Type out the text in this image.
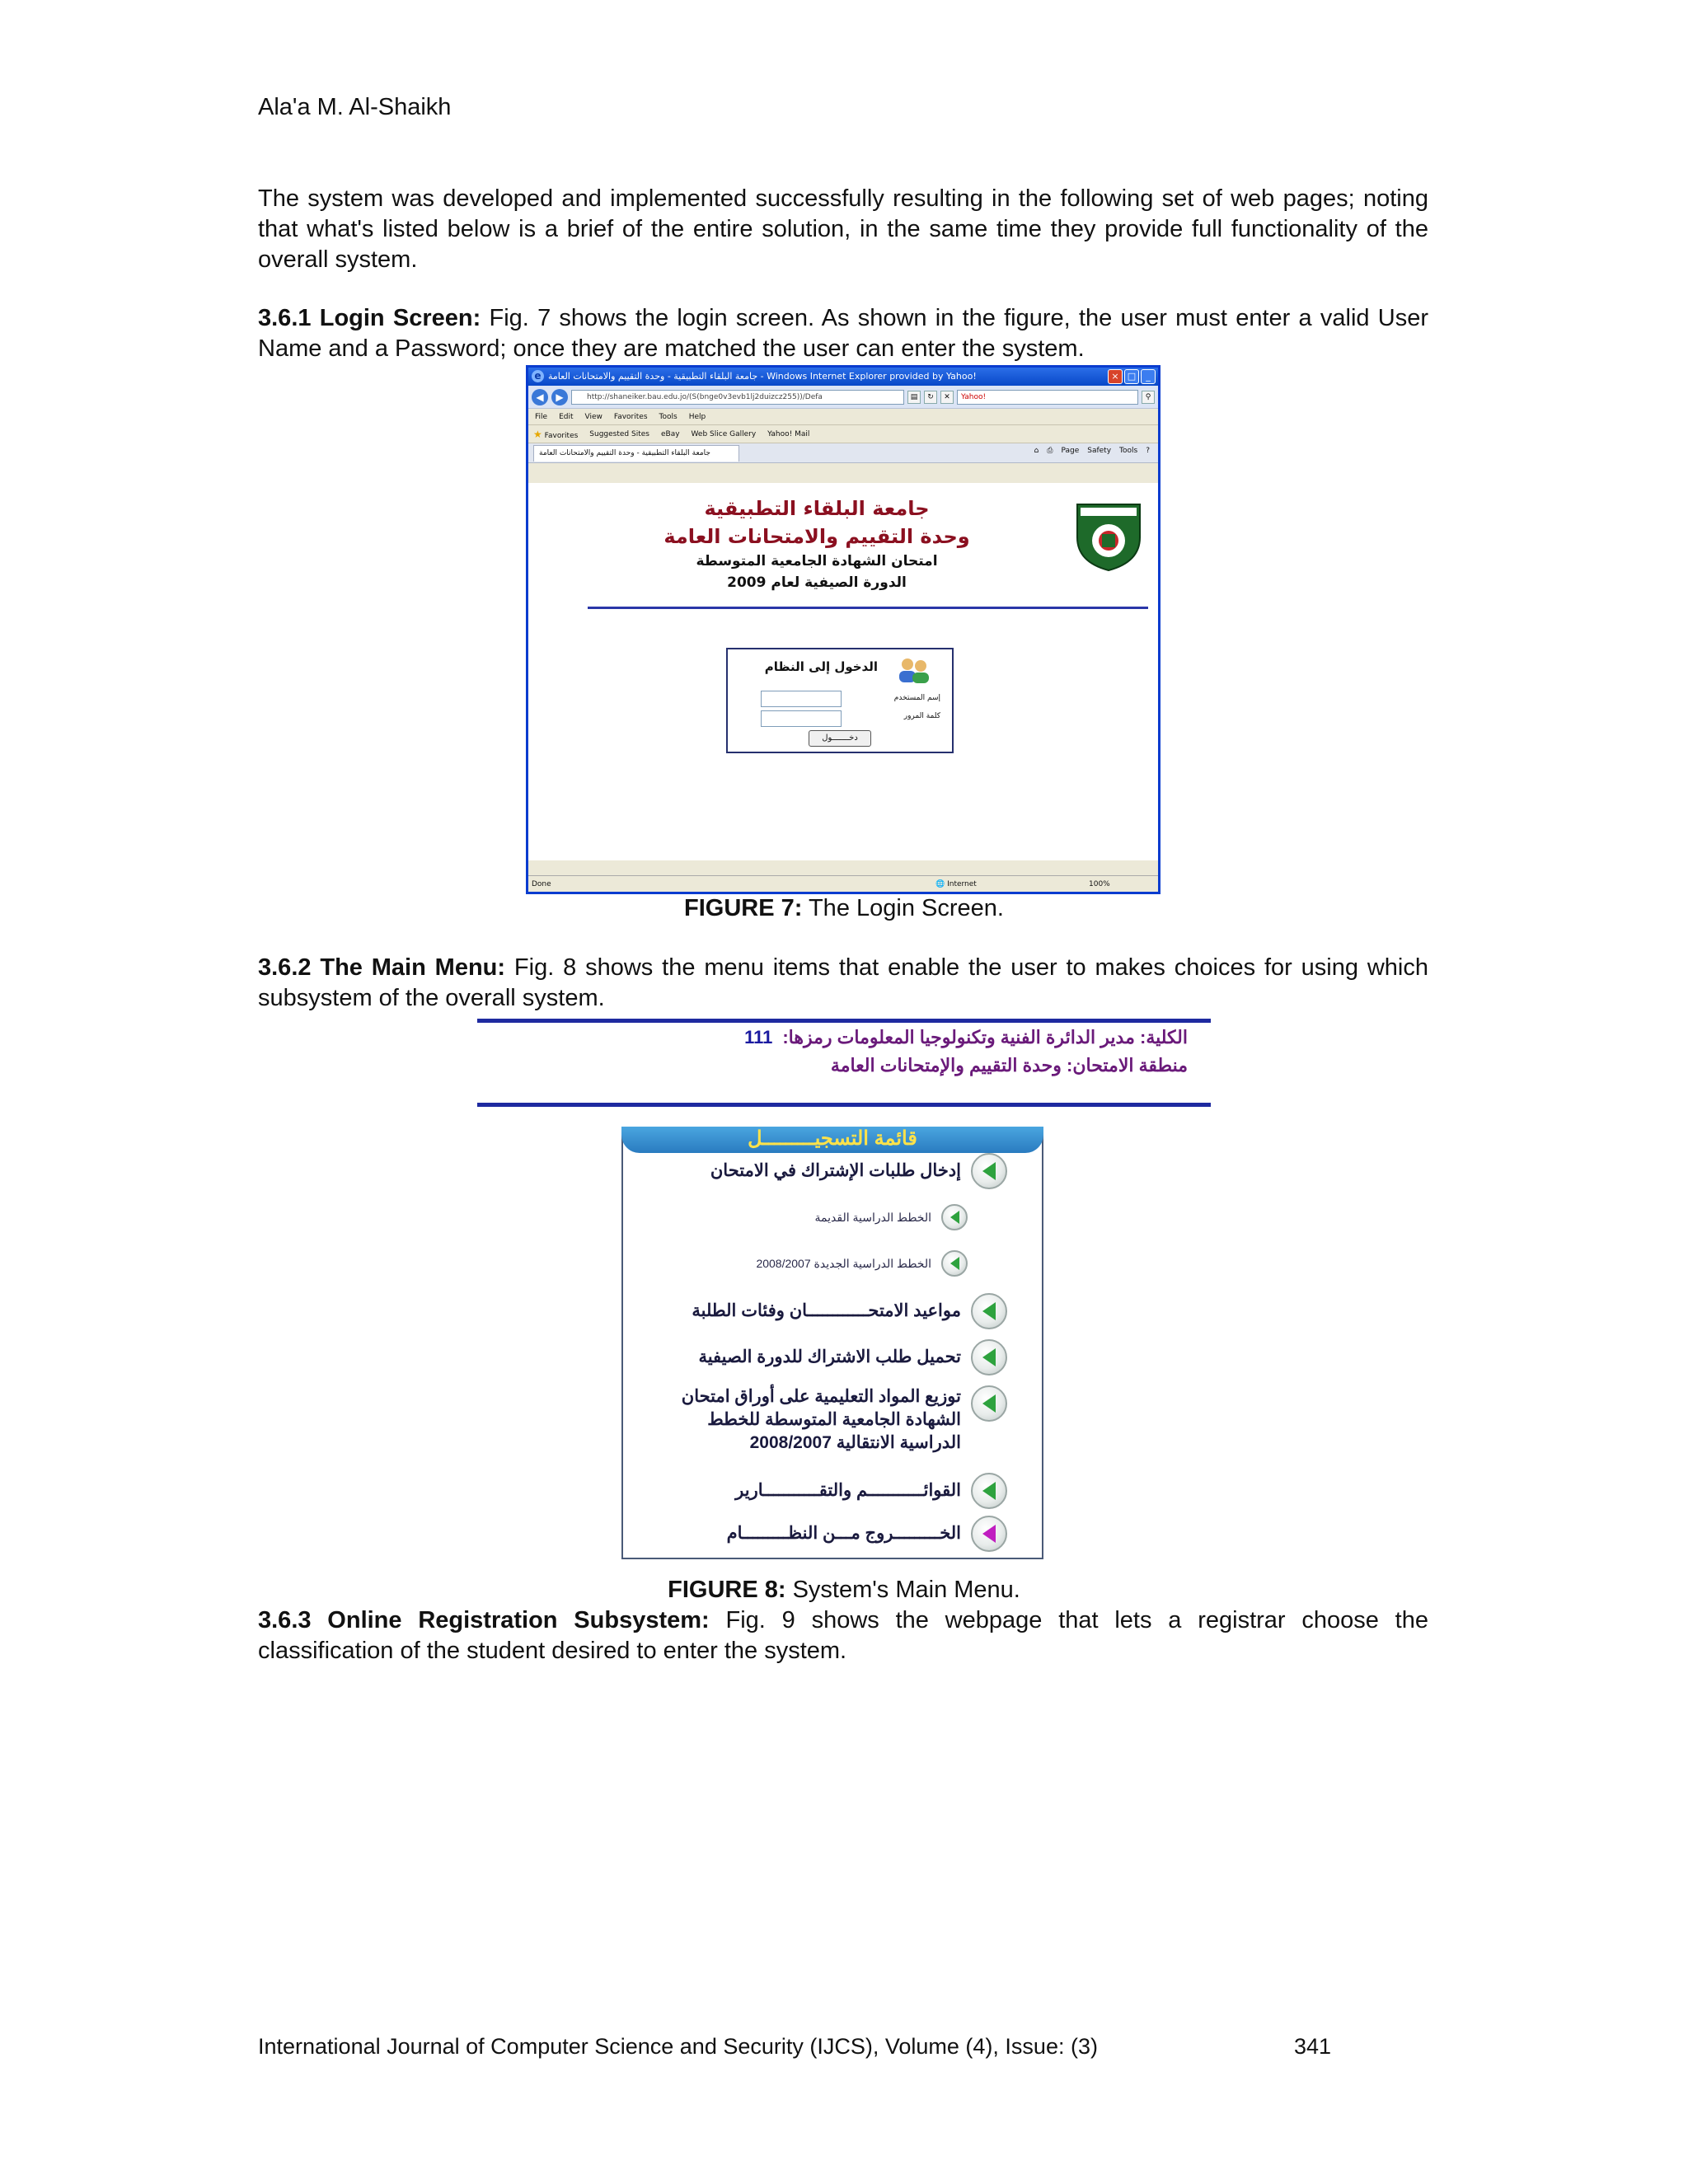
Ala'a M. Al-Shaikh

The system was developed and implemented successfully resulting in the following set of web pages; noting that what's listed below is a brief of the entire solution, in the same time they provide full functionality of the overall system.

3.6.1 Login Screen: Fig. 7 shows the login screen. As shown in the figure, the user must enter a valid User Name and a Password; once they are matched the user can enter the system.

e جامعة البلقاء التطبيقية - وحدة التقييم والامتحانات العامة - Windows Internet Explorer provided by Yahoo!	_
□
×
◀	▶	http://shaneiker.bau.edu.jo/(S(bnge0v3evb1lj2duizcz255))/Defa	▤	↻	✕	Yahoo!	⚲
File Edit View Favorites Tools Help
★ Favorites Suggested Sites eBay Web Slice Gallery Yahoo! Mail
جامعة البلقاء التطبيقية - وحدة التقييم والامتحانات العامة	⌂ ⎙ Page Safety Tools ?
جامعة البلقاء التطبيقية
وحدة التقييم والامتحانات العامة
امتحان الشهادة الجامعية المتوسطة
الدورة الصيفية لعام 2009
الدخول إلى النظام
إسم المستخدم
كلمة المرور
دخـــــــول
Done	🌐 Internet	100%
FIGURE 7: The Login Screen.

3.6.2 The Main Menu: Fig. 8 shows the menu items that enable the user to makes choices for using which subsystem of the overall system.

الكلية: مدير الدائرة الفنية وتكنولوجيا المعلومات رمزها:111
منطقة الامتحان: وحدة التقييم والإمتحانات العامة
قائمة التسجيـــــــــل
إدخال طلبات الإشتراك في الامتحان
الخطط الدراسية القديمة
الخطط الدراسية الجديدة 2008/2007
مواعيد الامتحــــــــــــان وفئات الطلبة
تحميل طلب الاشتراك للدورة الصيفية
توزيع المواد التعليمية على أوراق امتحان الشهادة الجامعية المتوسطة للخطط الدراسية الانتقالية 2008/2007
القوائـــــــــــم والتقـــــــــــارير
الخـــــــــروج مـــن النظـــــــــام
FIGURE 8: System's Main Menu.

3.6.3 Online Registration Subsystem: Fig. 9 shows the webpage that lets a registrar choose the classification of the student desired to enter the system.

International Journal of Computer Science and Security (IJCS), Volume (4), Issue: (3)	341
